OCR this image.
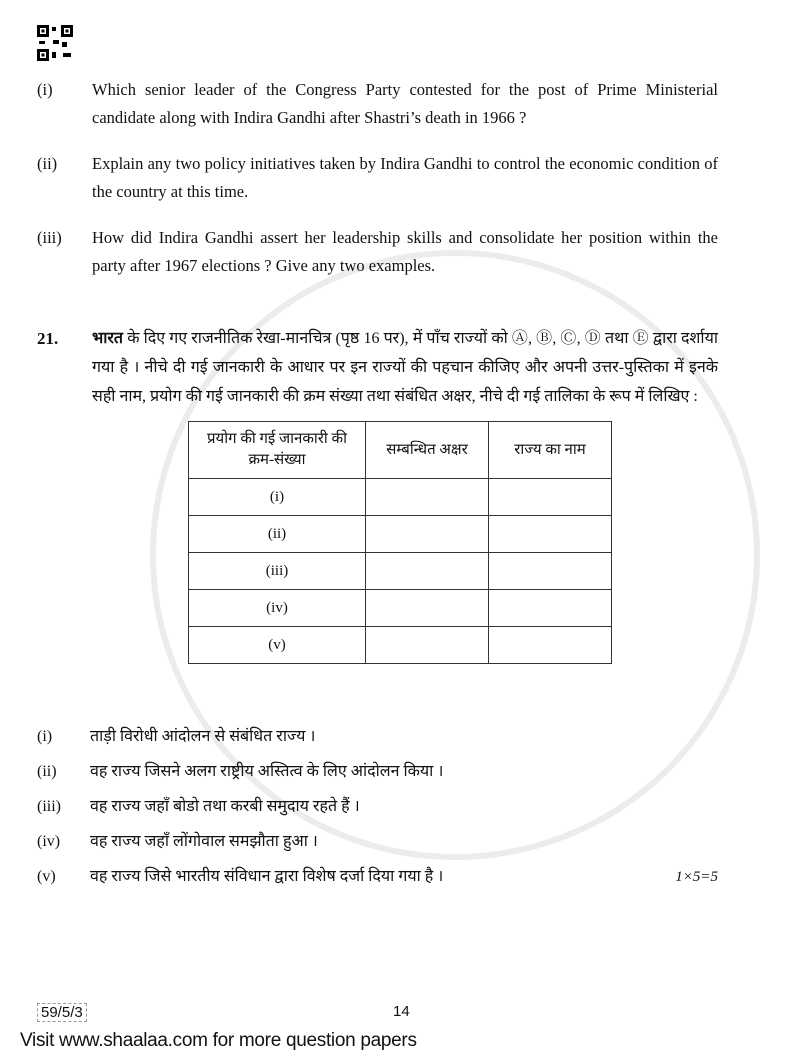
(i)	Which senior leader of the Congress Party contested for the post of Prime Ministerial candidate along with Indira Gandhi after Shastri’s death in 1966 ?
(ii)	Explain any two policy initiatives taken by Indira Gandhi to control the economic condition of the country at this time.
(iii)	How did Indira Gandhi assert her leadership skills and consolidate her position within the party after 1967 elections ? Give any two examples.
21.	भारत के दिए गए राजनीतिक रेखा-मानचित्र (पृष्ठ 16 पर), में पाँच राज्यों को Ⓐ, Ⓑ, Ⓒ, Ⓓ तथा Ⓔ द्वारा दर्शाया गया है । नीचे दी गई जानकारी के आधार पर इन राज्यों की पहचान कीजिए और अपनी उत्तर-पुस्तिका में इनके सही नाम, प्रयोग की गई जानकारी की क्रम संख्या तथा संबंधित अक्षर, नीचे दी गई तालिका के रूप में लिखिए :
प्रयोग की गई जानकारी की क्रम-संख्या	सम्बन्धित अक्षर	राज्य का नाम
(i)		
(ii)		
(iii)		
(iv)		
(v)		
(i)	ताड़ी विरोधी आंदोलन से संबंधित राज्य ।
(ii)	वह राज्य जिसने अलग राष्ट्रीय अस्तित्व के लिए आंदोलन किया ।
(iii)	वह राज्य जहाँ बोडो तथा करबी समुदाय रहते हैं ।
(iv)	वह राज्य जहाँ लोंगोवाल समझौता हुआ ।
(v)	वह राज्य जिसे भारतीय संविधान द्वारा विशेष दर्जा दिया गया है ।	1×5=5
59/5/3	14
Visit www.shaalaa.com for more question papers
